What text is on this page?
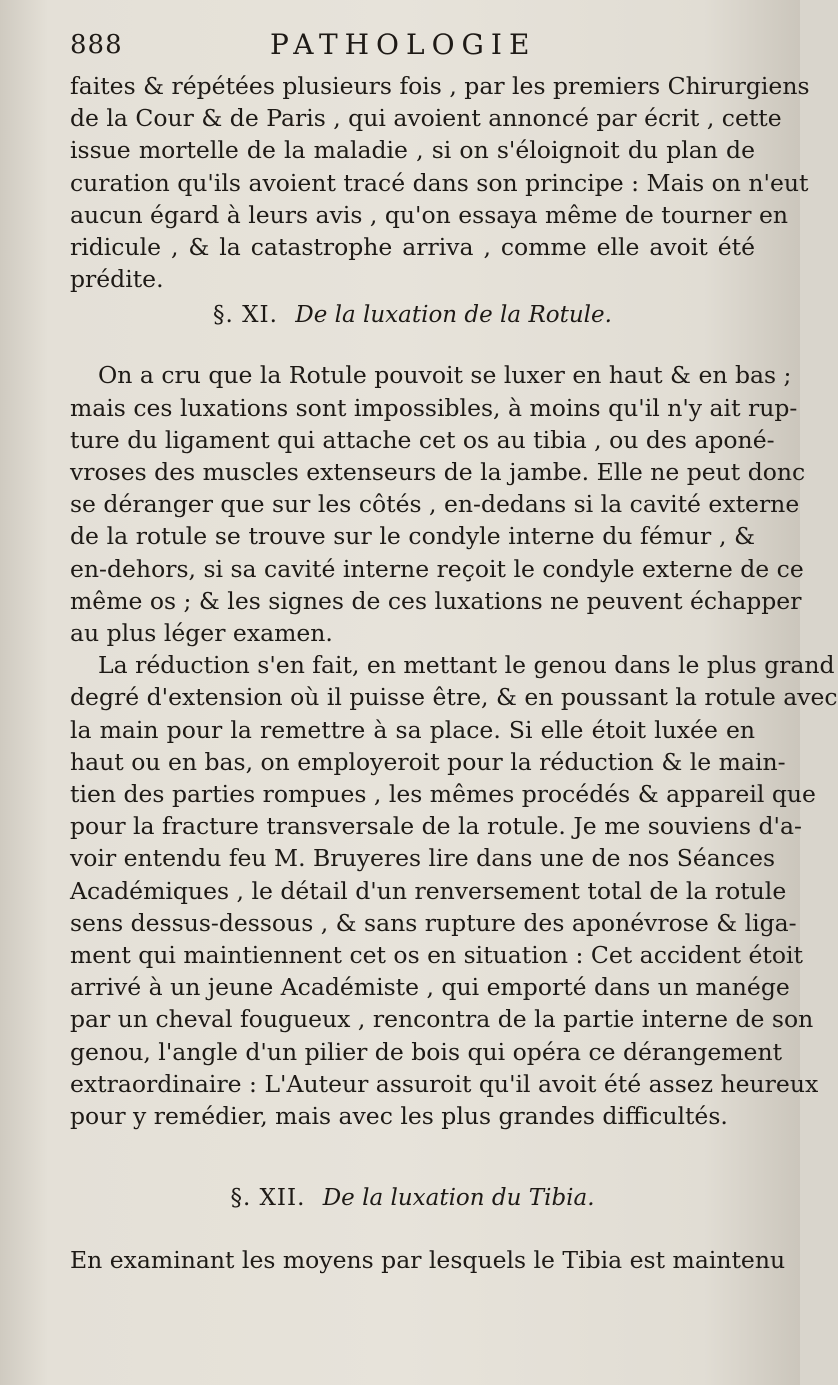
888	PATHOLOGIE
faites & répétées plusieurs fois , par les premiers Chirurgiens
de la Cour & de Paris , qui avoient annoncé par écrit , cette
issue mortelle de la maladie , si on s'éloignoit du plan de
curation qu'ils avoient tracé dans son principe : Mais on n'eut
aucun égard à leurs avis , qu'on essaya même de tourner en
ridicule , & la catastrophe arriva , comme elle avoit été
prédite.
§. XI. De la luxation de la Rotule.
On a cru que la Rotule pouvoit se luxer en haut & en bas ;
mais ces luxations sont impossibles, à moins qu'il n'y ait rup-
ture du ligament qui attache cet os au tibia , ou des aponé-
vroses des muscles extenseurs de la jambe. Elle ne peut donc
se déranger que sur les côtés , en-dedans si la cavité externe
de la rotule se trouve sur le condyle interne du fémur , &
en-dehors, si sa cavité interne reçoit le condyle externe de ce
même os ; & les signes de ces luxations ne peuvent échapper
au plus léger examen.
La réduction s'en fait, en mettant le genou dans le plus grand
degré d'extension où il puisse être, & en poussant la rotule avec
la main pour la remettre à sa place. Si elle étoit luxée en
haut ou en bas, on employeroit pour la réduction & le main-
tien des parties rompues , les mêmes procédés & appareil que
pour la fracture transversale de la rotule. Je me souviens d'a-
voir entendu feu M. Bruyeres lire dans une de nos Séances
Académiques , le détail d'un renversement total de la rotule
sens dessus-dessous , & sans rupture des aponévrose & liga-
ment qui maintiennent cet os en situation : Cet accident étoit
arrivé à un jeune Académiste , qui emporté dans un manége
par un cheval fougueux , rencontra de la partie interne de son
genou, l'angle d'un pilier de bois qui opéra ce dérangement
extraordinaire : L'Auteur assuroit qu'il avoit été assez heureux
pour y remédier, mais avec les plus grandes difficultés.
§. XII. De la luxation du Tibia.
En examinant les moyens par lesquels le Tibia est maintenu
